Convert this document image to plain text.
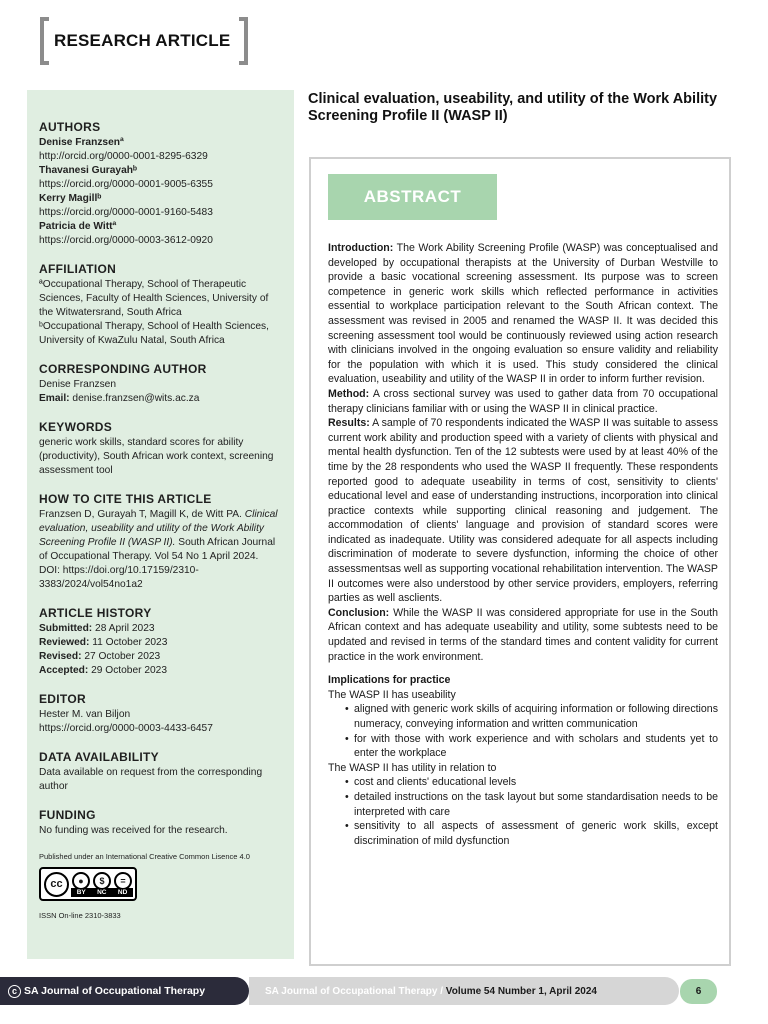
RESEARCH ARTICLE
AUTHORS
Denise Franzsenª
http://orcid.org/0000-0001-8295-6329
Thavanesi Gurayahᵇ
https://orcid.org/0000-0001-9005-6355
Kerry Magillᵇ
https://orcid.org/0000-0001-9160-5483
Patricia de Wittª
https://orcid.org/0000-0003-3612-0920
AFFILIATION
ªOccupational Therapy, School of Therapeutic Sciences, Faculty of Health Sciences, University of the Witwatersrand, South Africa
ᵇOccupational Therapy, School of Health Sciences, University of KwaZulu Natal, South Africa
CORRESPONDING AUTHOR
Denise Franzsen
Email: denise.franzsen@wits.ac.za
KEYWORDS
generic work skills, standard scores for ability (productivity), South African work context, screening assessment tool
HOW TO CITE THIS ARTICLE
Franzsen D, Gurayah T, Magill K, de Witt PA. Clinical evaluation, useability and utility of the Work Ability Screening Profile II (WASP II). South African Journal of Occupational Therapy. Vol 54 No 1 April 2024. DOI: https://doi.org/10.17159/2310-3383/2024/vol54no1a2
ARTICLE HISTORY
Submitted: 28 April 2023
Reviewed: 11 October 2023
Revised: 27 October 2023
Accepted: 29 October 2023
EDITOR
Hester M. van Biljon
https://orcid.org/0000-0003-4433-6457
DATA AVAILABILITY
Data available on request from the corresponding author
FUNDING
No funding was received for the research.
Published under an International Creative Common Lisence 4.0
cc	●	$	=
BY NC ND
ISSN On-line 2310-3833
Clinical evaluation, useability, and utility of the Work Ability Screening Profile II (WASP II)
ABSTRACT

Introduction: The Work Ability Screening Profile (WASP) was conceptualised and developed by occupational therapists at the University of Durban Westville to provide a basic vocational screening assessment. Its purpose was to screen competence in generic work skills which reflected performance in activities essential to workplace participation relevant to the South African context. The assessment was revised in 2005 and renamed the WASP II. It was decided this screening assessment tool would be continuously reviewed using action research with clinicians involved in the ongoing evaluation so ensure validity and reliability for the population with which it is used. This study considered the clinical evaluation, useability and utility of the WASP II in order to inform further revision.

Method: A cross sectional survey was used to gather data from 70 occupational therapy clinicians familiar with or using the WASP II in clinical practice.

Results: A sample of 70 respondents indicated the WASP II was suitable to assess current work ability and production speed with a variety of clients with physical and mental health dysfunction. Ten of the 12 subtests were used by at least 40% of the time by the 28 respondents who used the WASP II frequently. These respondents reported good to adequate useability in terms of cost, sensitivity to clients' educational level and ease of understanding instructions, incorporation into clinical practice contexts while supporting clinical reasoning and judgement. The accommodation of clients' language and provision of standard scores were indicated as inadequate. Utility was considered adequate for all aspects including discrimination of moderate to severe dysfunction, informing the choice of other assessmentsas well as supporting vocational rehabilitation intervention. The WASP II outcomes were also understood by other service providers, employers, referring parties as well asclients.

Conclusion: While the WASP II was considered appropriate for use in the South African context and has adequate useability and utility, some subtests need to be updated and revised in terms of the standard times and content validity for current practice in the work environment.

Implications for practice
The WASP II has useability
• aligned with generic work skills of acquiring information or following directions numeracy, conveying information and written communication
• for with those with work experience and with scholars and students yet to enter the workplace
The WASP II has utility in relation to
• cost and clients' educational levels
• detailed instructions on the task layout but some standardisation needs to be interpreted with care
• sensitivity to all aspects of assessment of generic work skills, except discrimination of mild dysfunction
c SA Journal of Occupational Therapy	SA Journal of Occupational Therapy /
Volume 54 Number 1, April 2024	6
